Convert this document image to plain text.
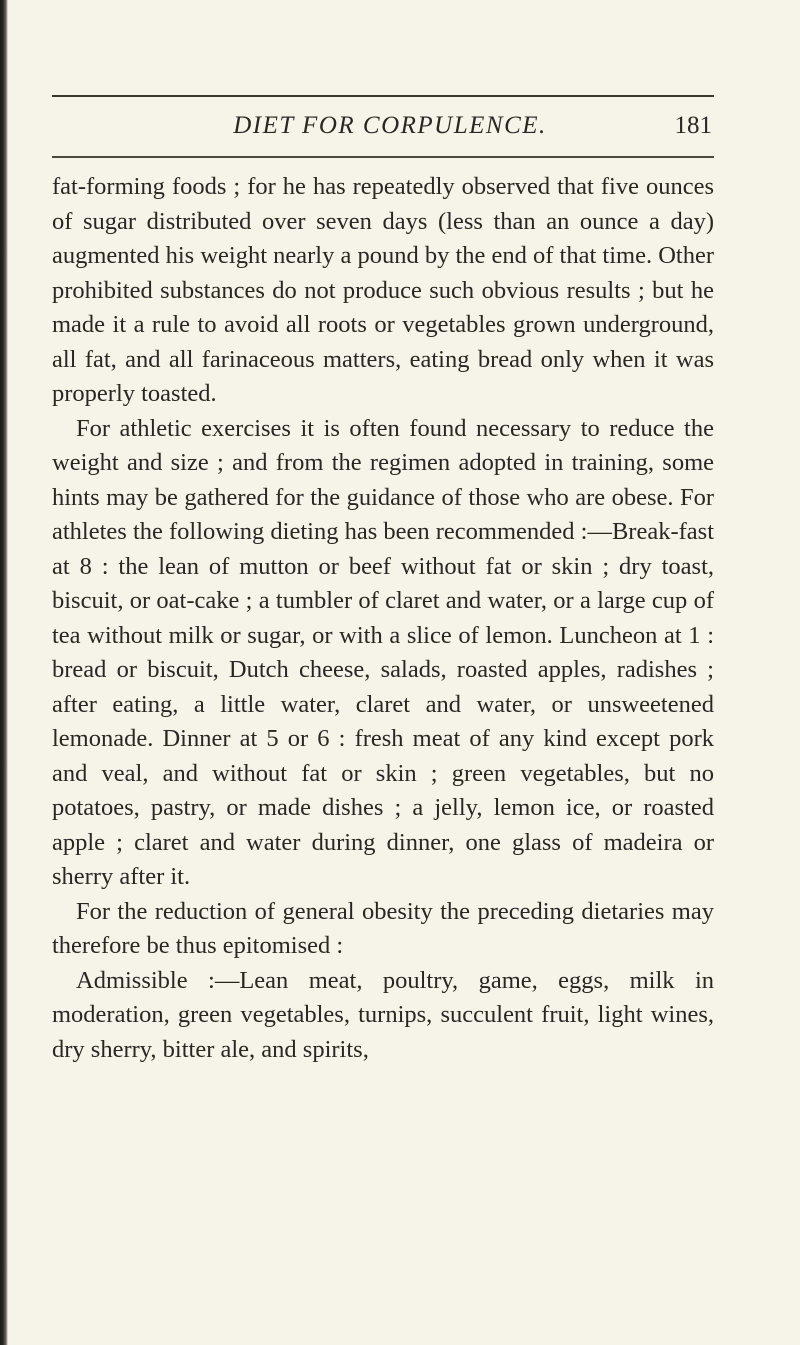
DIET FOR CORPULENCE.	181

fat-forming foods ; for he has repeatedly observed that five ounces of sugar distributed over seven days (less than an ounce a day) augmented his weight nearly a pound by the end of that time. Other prohibited substances do not produce such obvious results ; but he made it a rule to avoid all roots or vegetables grown underground, all fat, and all farinaceous matters, eating bread only when it was properly toasted.

For athletic exercises it is often found necessary to reduce the weight and size ; and from the regimen adopted in training, some hints may be gathered for the guidance of those who are obese. For athletes the following dieting has been recommended :—Break-fast at 8 : the lean of mutton or beef without fat or skin ; dry toast, biscuit, or oat-cake ; a tumbler of claret and water, or a large cup of tea without milk or sugar, or with a slice of lemon. Luncheon at 1 : bread or biscuit, Dutch cheese, salads, roasted apples, radishes ; after eating, a little water, claret and water, or unsweetened lemonade. Dinner at 5 or 6 : fresh meat of any kind except pork and veal, and without fat or skin ; green vegetables, but no potatoes, pastry, or made dishes ; a jelly, lemon ice, or roasted apple ; claret and water during dinner, one glass of madeira or sherry after it.

For the reduction of general obesity the preceding dietaries may therefore be thus epitomised :

Admissible :—Lean meat, poultry, game, eggs, milk in moderation, green vegetables, turnips, succulent fruit, light wines, dry sherry, bitter ale, and spirits,
